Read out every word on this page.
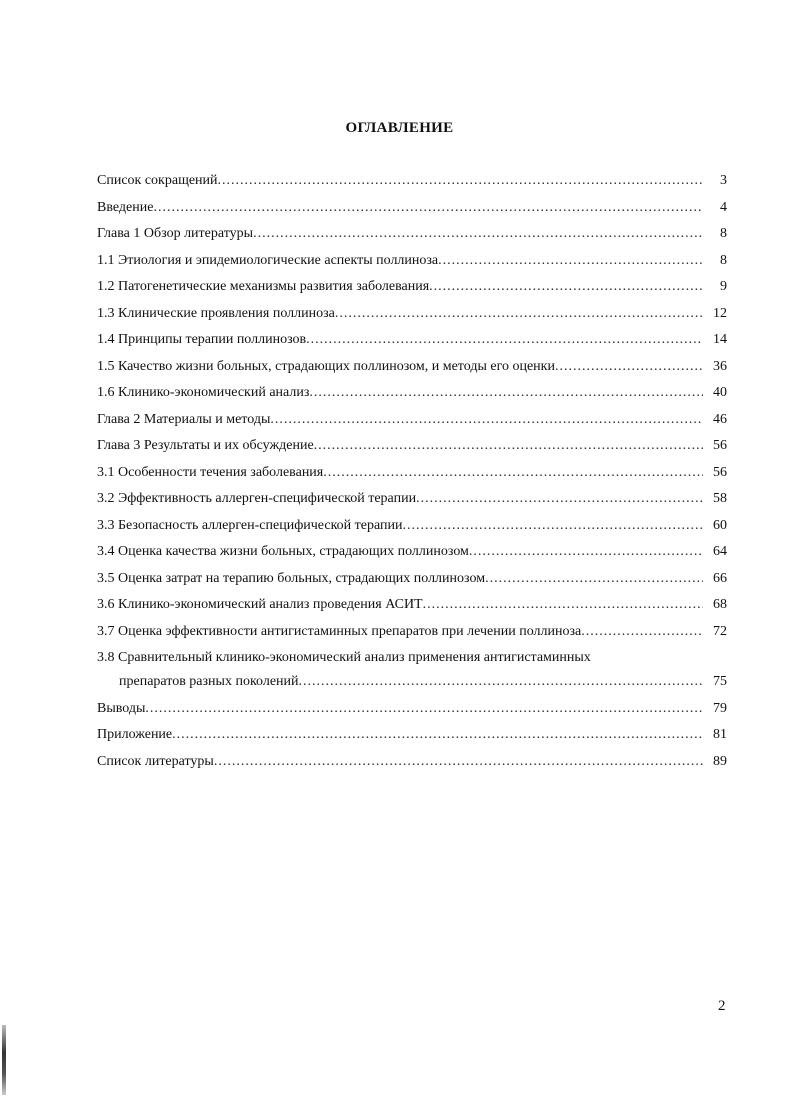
ОГЛАВЛЕНИЕ
Список сокращений .....	3
Введение .....	4
Глава 1 Обзор литературы .....	8
1.1 Этиология и эпидемиологические аспекты поллиноза .....	8
1.2 Патогенетические механизмы развития заболевания .....	9
1.3 Клинические проявления поллиноза .....	12
1.4 Принципы терапии поллинозов .....	14
1.5 Качество жизни больных, страдающих поллинозом, и методы его оценки .....	36
1.6 Клинико-экономический анализ .....	40
Глава 2 Материалы и методы .....	46
Глава 3 Результаты и их обсуждение .....	56
3.1 Особенности течения заболевания .....	56
3.2 Эффективность аллерген-специфической терапии .....	58
3.3 Безопасность аллерген-специфической терапии .....	60
3.4 Оценка качества жизни больных, страдающих поллинозом .....	64
3.5 Оценка затрат на терапию больных, страдающих поллинозом .....	66
3.6 Клинико-экономический анализ проведения АСИТ .....	68
3.7 Оценка эффективности антигистаминных препаратов при лечении поллиноза .....	72
3.8 Сравнительный клинико-экономический анализ применения антигистаминных
препаратов разных поколений .....	75
Выводы .....	79
Приложение .....	81
Список литературы .....	89
2
